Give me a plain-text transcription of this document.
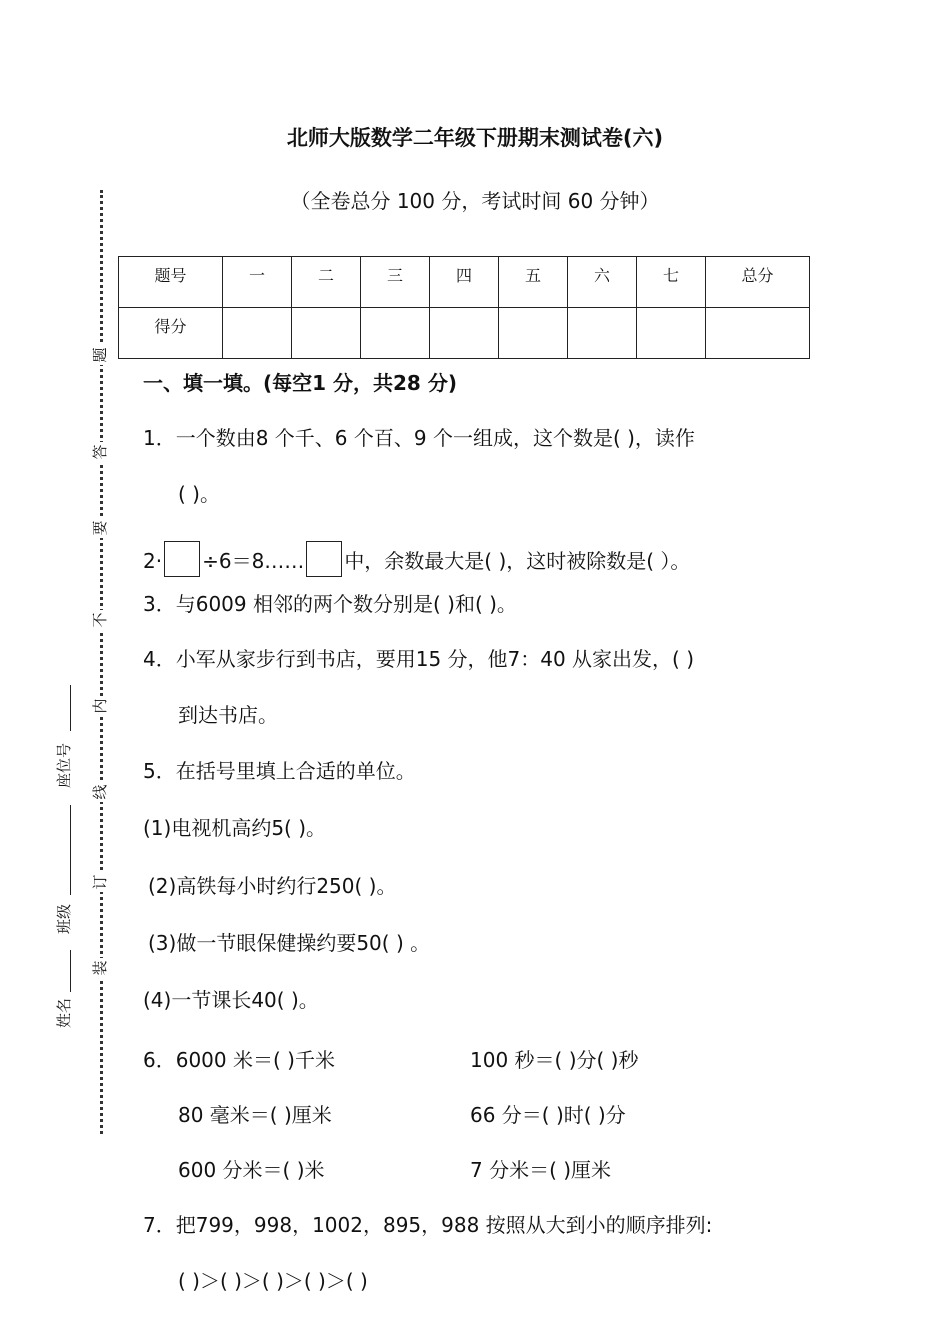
北师大版数学二年级下册期末测试卷(六)
（全卷总分 100 分，考试时间 60 分钟）
题号	一	二	三	四	五	六	七	总分
得分								
题
答
要
不
内
线
订
装
座位号
班级
姓名
一、填一填。(每空1 分，共28 分)
1．一个数由8 个千、6 个百、9 个一组成，这个数是( )，读作
( )。
2· ÷6＝8…… 中，余数最大是( )，这时被除数是( ）。
3．与6009 相邻的两个数分别是( )和( )。
4．小军从家步行到书店，要用15 分，他7：40 从家出发，( )
到达书店。
5．在括号里填上合适的单位。
(1)电视机高约5( )。
(2)高铁每小时约行250( )。
(3)做一节眼保健操约要50( ) 。
(4)一节课长40( )。
6．6000 米＝( )千米	100 秒＝( )分( )秒
80 毫米＝( )厘米	66 分＝( )时( )分
600 分米＝( )米	7 分米＝( )厘米
7．把799，998，1002，895，988 按照从大到小的顺序排列:
( )＞( )＞( )＞( )＞( )
